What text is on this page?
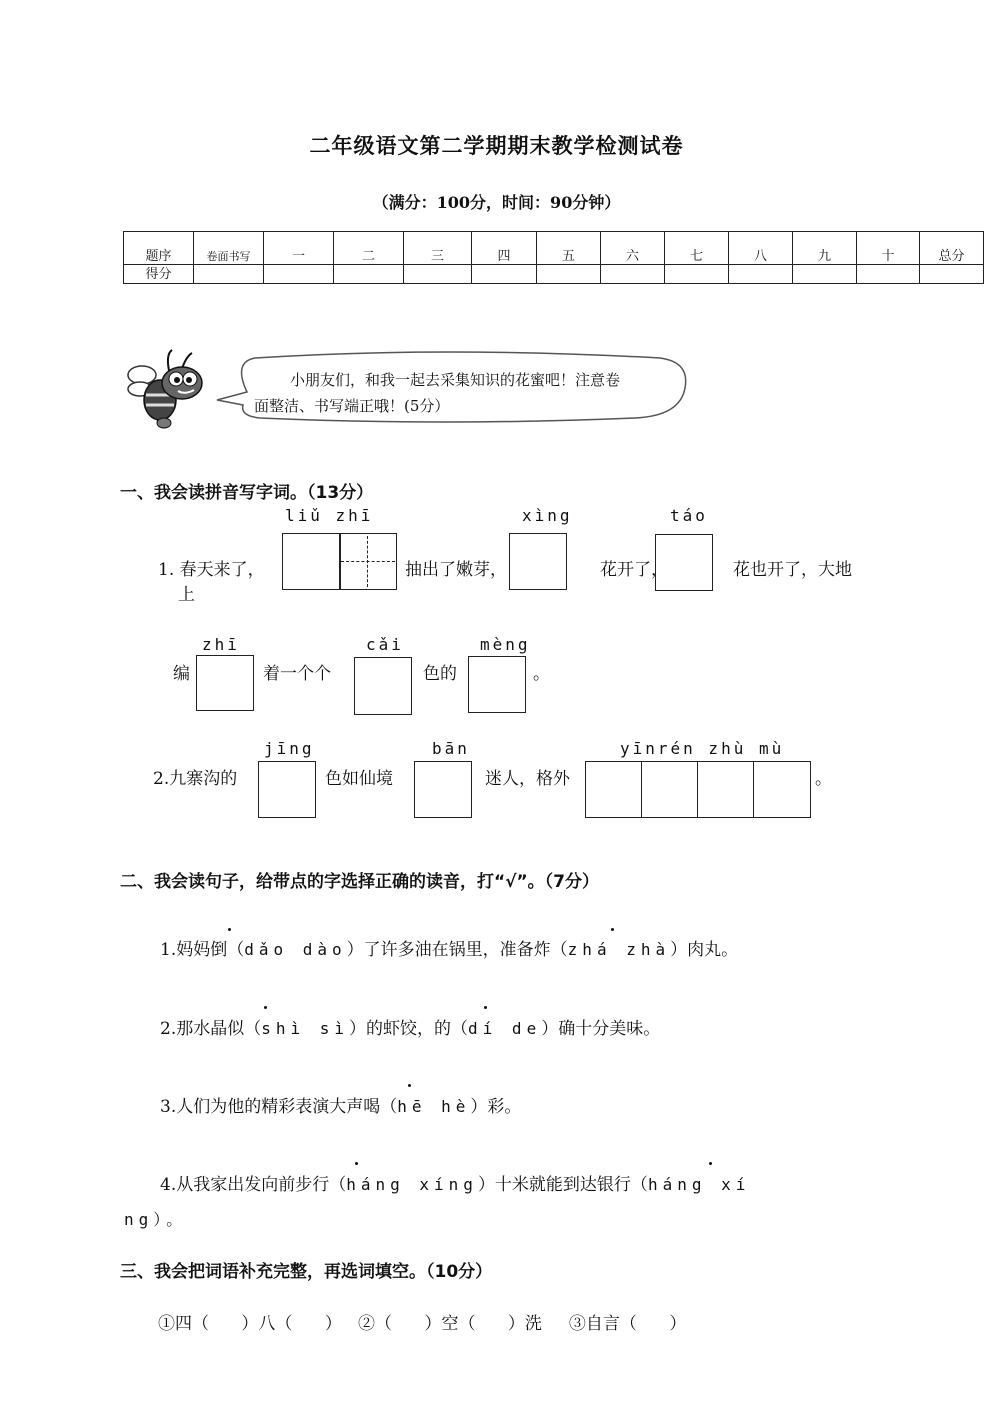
二年级语文第二学期期末教学检测试卷
（满分：100分，时间：90分钟）
题序	卷面书写	一	二	三	四	五	六	七	八	九	十	总分
得分												
小朋友们，和我一起去采集知识的花蜜吧！注意卷
面整洁、书写端正哦！(5分）
一、我会读拼音写字词。（13分）
liǔ zhī	xìng	táo
1. 春天来了，	抽出了嫩芽，	花开了，	花也开了，大地
上
zhī	cǎi	mèng
编	着一个个	色的	。
jīng	bān	yīnrén zhù mù
2.九寨沟的	色如仙境	迷人，格外	。
二、我会读句子，给带点的字选择正确的读音，打“√”。（7分）
1.妈妈倒（dǎo dào）了许多油在锅里，准备炸（zhá zhà）肉丸。
2.那水晶似（shì sì）的虾饺，的（dí de）确十分美味。
3.人们为他的精彩表演大声喝（hē hè）彩。
4.从我家出发向前步行（háng xíng）十米就能到达银行（háng xí
ng）。
三、我会把词语补充完整，再选词填空。（10分）
①四（      ）八（      ）   ②（      ）空（      ）洗     ③自言（      ）
